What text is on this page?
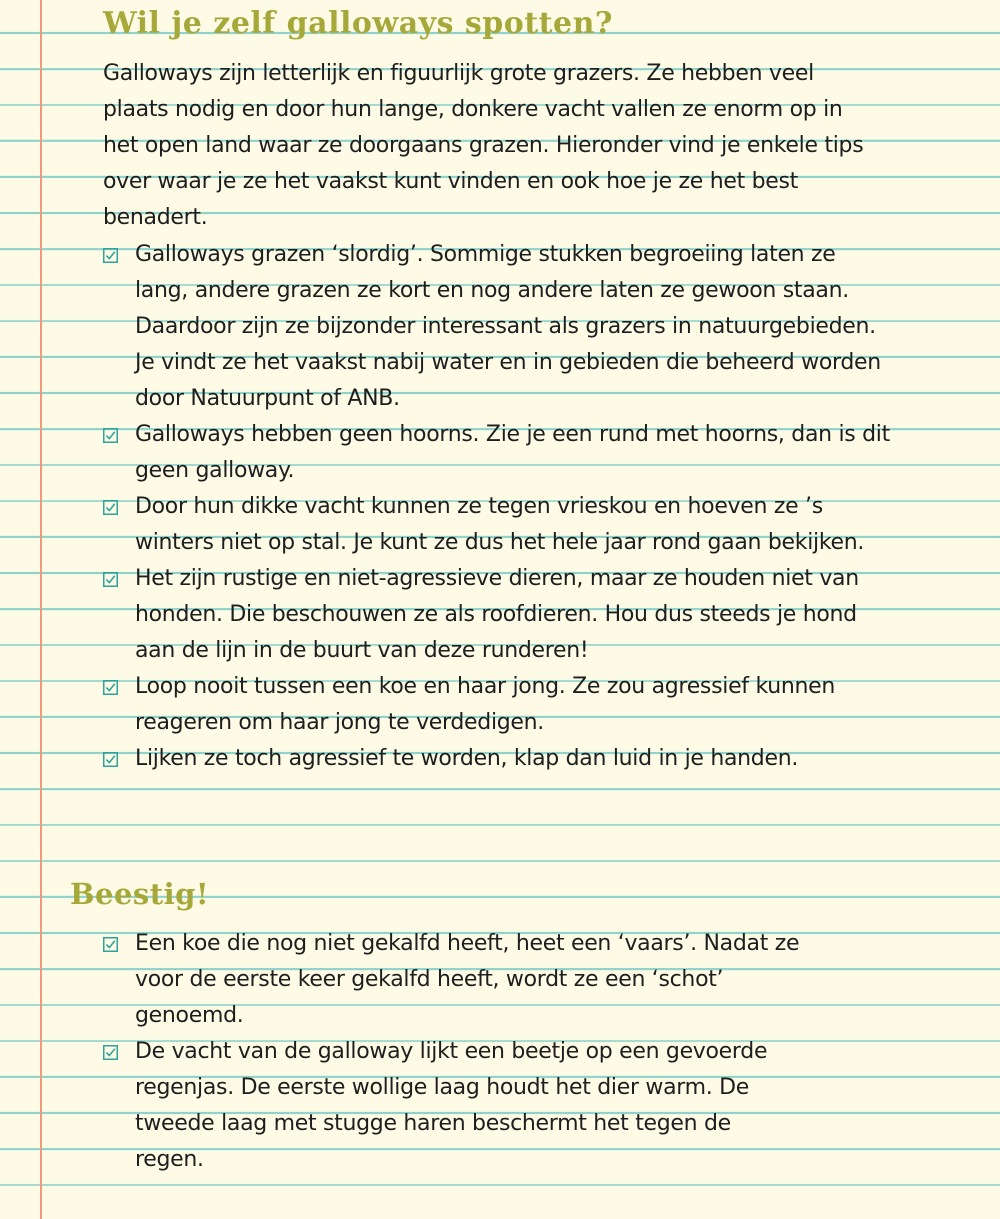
Wil je zelf galloways spotten?

Galloways zijn letterlijk en figuurlijk grote grazers. Ze hebben veel plaats nodig en door hun lange, donkere vacht vallen ze enorm op in het open land waar ze doorgaans grazen. Hieronder vind je enkele tips over waar je ze het vaakst kunt vinden en ook hoe je ze het best benadert.

Galloways grazen ‘slordig’. Sommige stukken begroeiing laten ze lang, andere grazen ze kort en nog andere laten ze gewoon staan. Daardoor zijn ze bijzonder interessant als grazers in natuurgebieden. Je vindt ze het vaakst nabij water en in gebieden die beheerd worden door Natuurpunt of ANB.
Galloways hebben geen hoorns. Zie je een rund met hoorns, dan is dit geen galloway.
Door hun dikke vacht kunnen ze tegen vrieskou en hoeven ze ’s winters niet op stal. Je kunt ze dus het hele jaar rond gaan bekijken.
Het zijn rustige en niet-agressieve dieren, maar ze houden niet van honden. Die beschouwen ze als roofdieren. Hou dus steeds je hond aan de lijn in de buurt van deze runderen!
Loop nooit tussen een koe en haar jong. Ze zou agressief kunnen reageren om haar jong te verdedigen.
Lijken ze toch agressief te worden, klap dan luid in je handen.
Beestig!
Een koe die nog niet gekalfd heeft, heet een ‘vaars’. Nadat ze voor de eerste keer gekalfd heeft, wordt ze een ‘schot’ genoemd.
De vacht van de galloway lijkt een beetje op een gevoerde regenjas. De eerste wollige laag houdt het dier warm. De tweede laag met stugge haren beschermt het tegen de regen.
